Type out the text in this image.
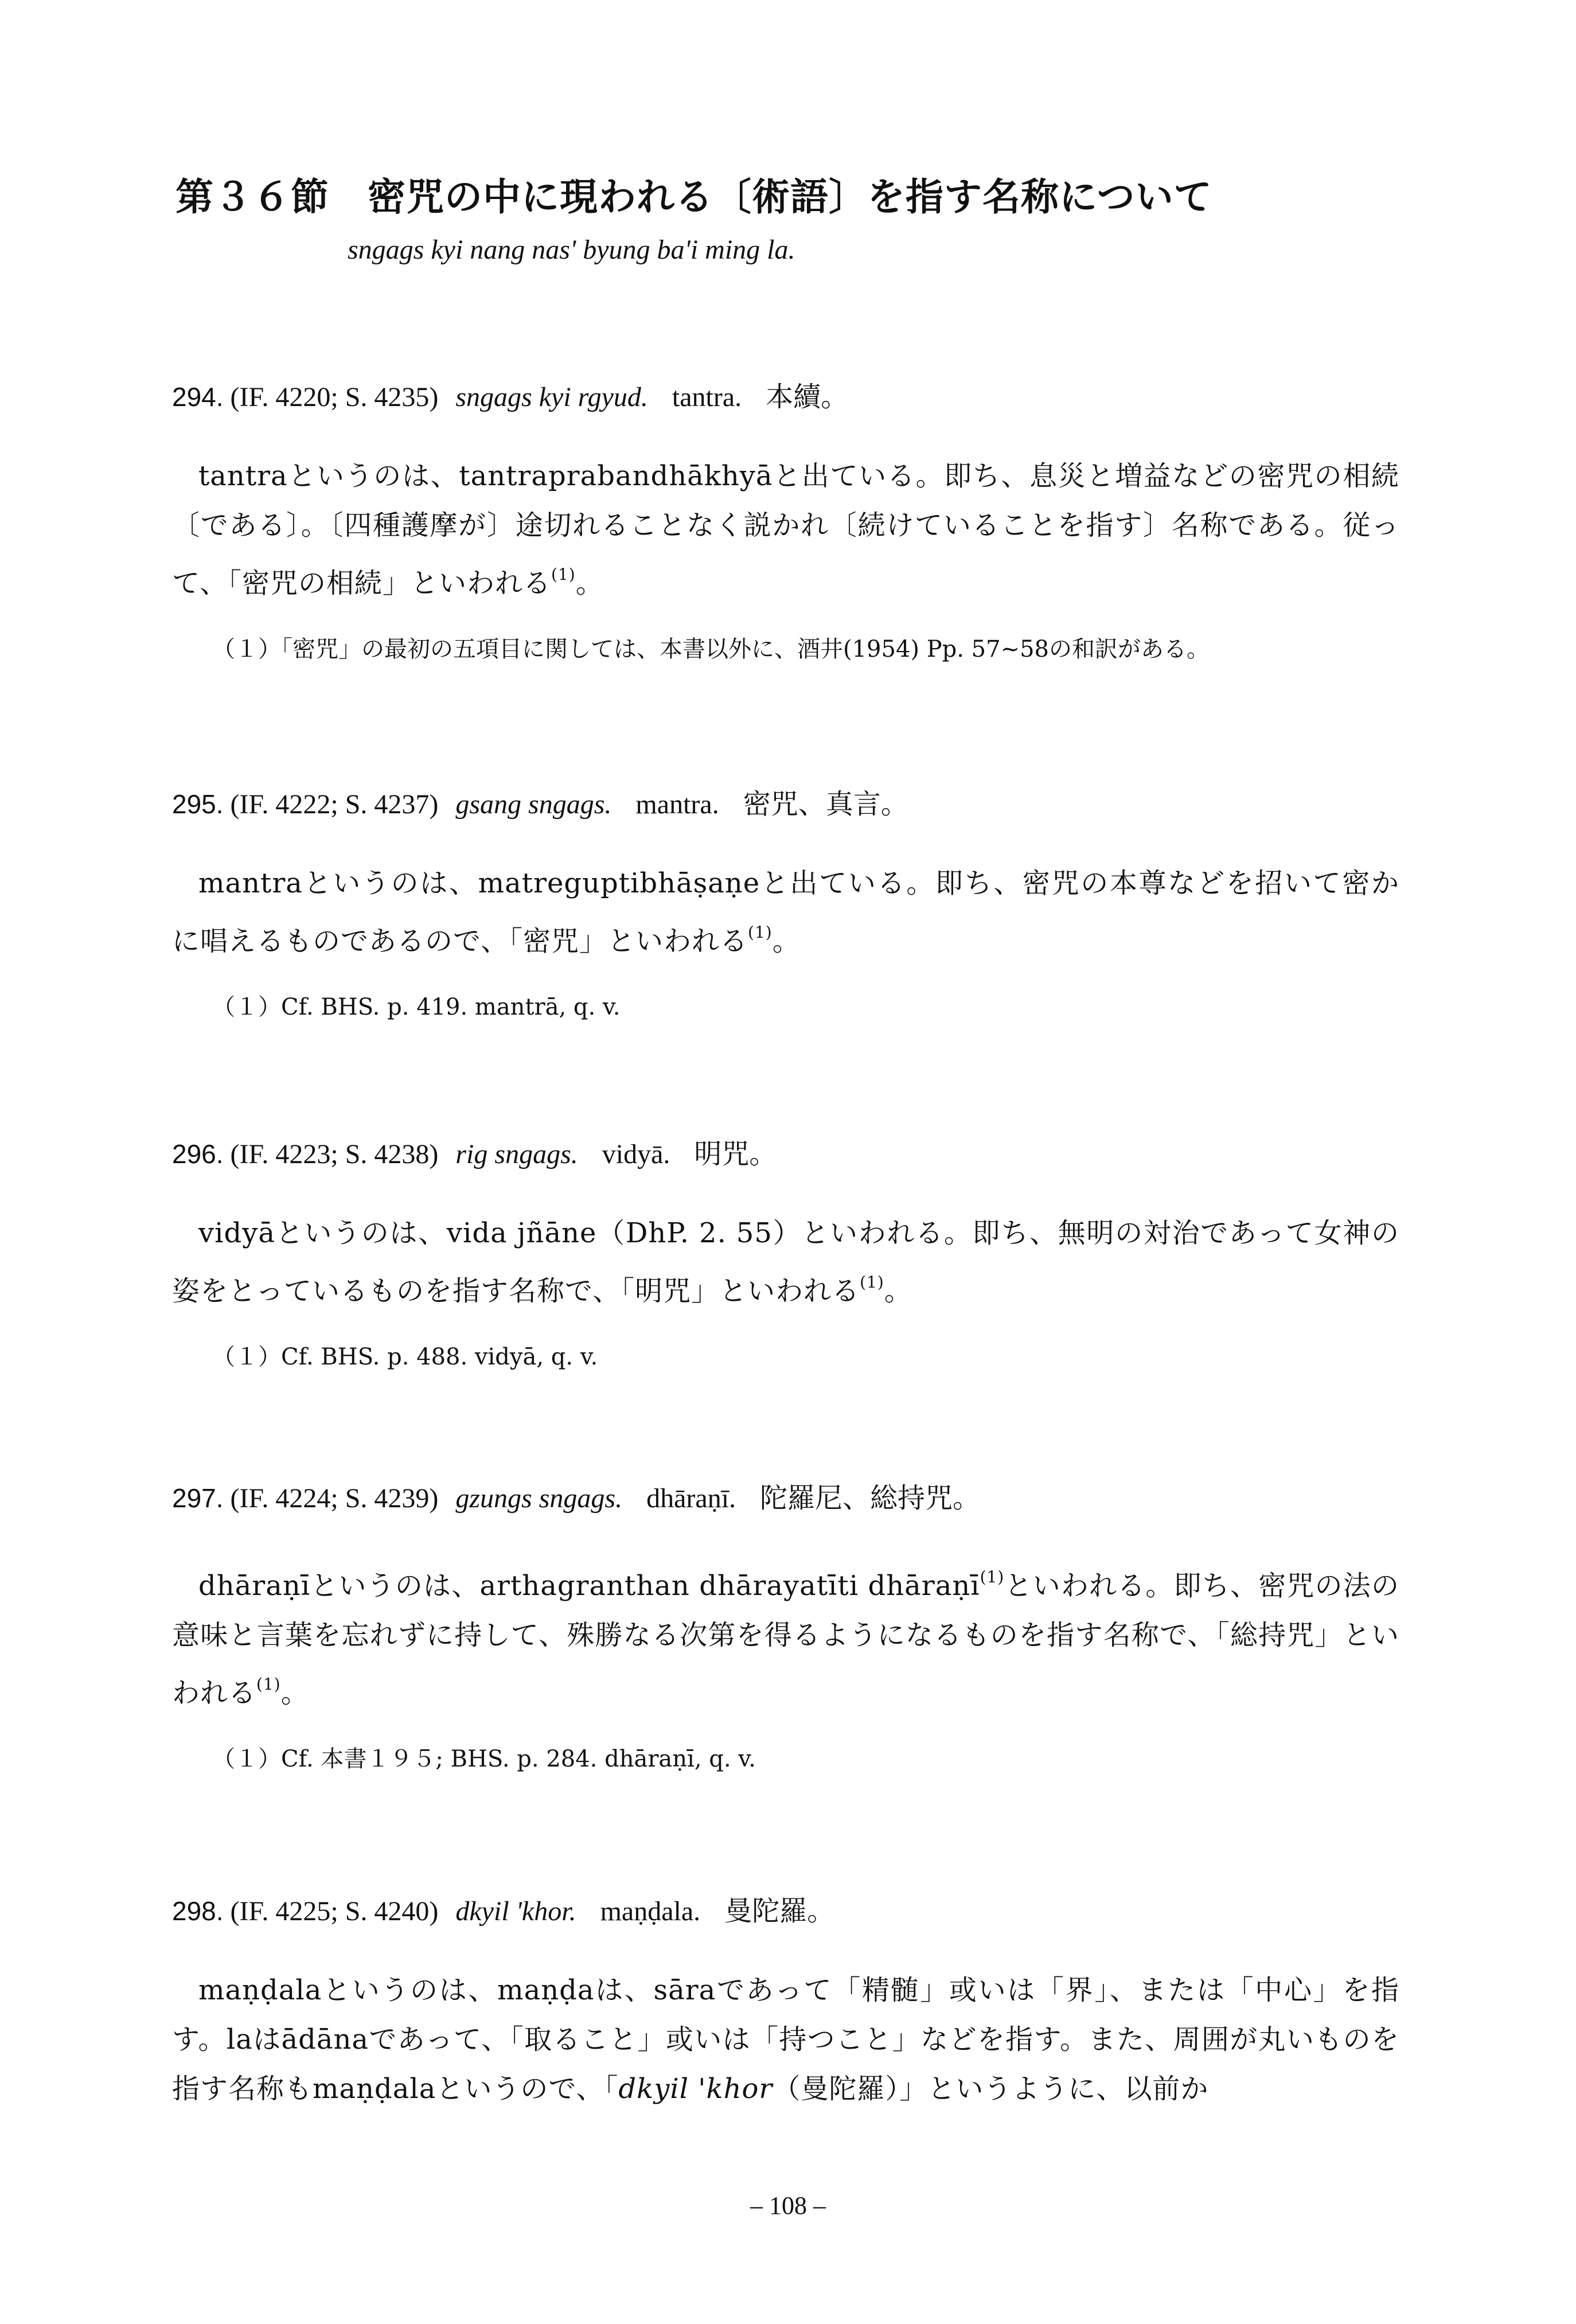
第３６節　密咒の中に現われる〔術語〕を指す名称について
sngags kyi nang nas' byung ba'i ming la.
294. (IF. 4220; S. 4235) sngags kyi rgyud. tantra. 本續。
tantraというのは、tantraprabandhākhyāと出ている。即ち、息災と増益などの密咒の相続〔である〕。〔四種護摩が〕途切れることなく説かれ〔続けていることを指す〕名称である。従って、「密咒の相続」といわれる$^{(1)}$。
（１）「密咒」の最初の五項目に関しては、本書以外に、酒井(1954) Pp. 57~58の和訳がある。
295. (IF. 4222; S. 4237) gsang sngags. mantra. 密咒、真言。
mantraというのは、matreguptibhāṣaṇeと出ている。即ち、密咒の本尊などを招いて密かに唱えるものであるので、「密咒」といわれる$^{(1)}$。
（１）Cf. BHS. p. 419. mantrā, q. v.
296. (IF. 4223; S. 4238) rig sngags. vidyā. 明咒。
vidyāというのは、vida jñāne（DhP. 2. 55）といわれる。即ち、無明の対治であって女神の姿をとっているものを指す名称で、「明咒」といわれる$^{(1)}$。
（１）Cf. BHS. p. 488. vidyā, q. v.
297. (IF. 4224; S. 4239) gzungs sngags. dhāraṇī. 陀羅尼、総持咒。
dhāraṇīというのは、arthagranthan dhārayatīti dhāraṇī$^{(1)}$といわれる。即ち、密咒の法の意味と言葉を忘れずに持して、殊勝なる次第を得るようになるものを指す名称で、「総持咒」といわれる$^{(1)}$。
（１）Cf. 本書１９５; BHS. p. 284. dhāraṇī, q. v.
298. (IF. 4225; S. 4240) dkyil 'khor. maṇḍala. 曼陀羅。
maṇḍalaというのは、maṇḍaは、sāraであって「精髄」或いは「界」、または「中心」を指す。laはādānaであって、「取ること」或いは「持つこと」などを指す。また、周囲が丸いものを指す名称もmaṇḍalaというので、「dkyil 'khor（曼陀羅）」というように、以前か
– 108 –
